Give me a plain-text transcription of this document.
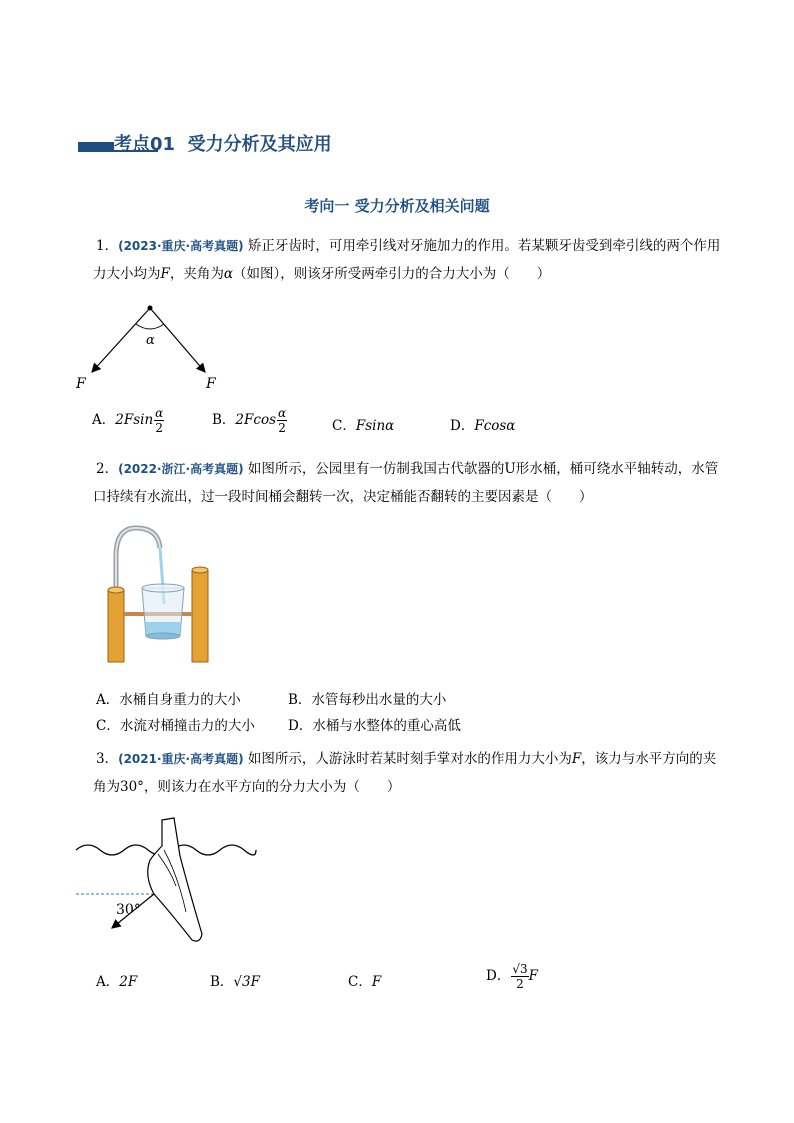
考点01 受力分析及其应用
考向一 受力分析及相关问题
1．(2023·重庆·高考真题) 矫正牙齿时，可用牵引线对牙施加力的作用。若某颗牙齿受到牵引线的两个作用
力大小均为F，夹角为α（如图），则该牙所受两牵引力的合力大小为（　　）
α
F	F
A．$2Fsin \frac{\alpha}{2}$	B．$2Fcos \frac{\alpha}{2}$	C．Fsinα	D．Fcosα
2．(2022·浙江·高考真题) 如图所示，公园里有一仿制我国古代欹器的U形水桶，桶可绕水平轴转动，水管
口持续有水流出，过一段时间桶会翻转一次，决定桶能否翻转的主要因素是（　　）
A．水桶自身重力的大小	B．水管每秒出水量的大小
C．水流对桶撞击力的大小 D．水桶与水整体的重心高低
3．(2021·重庆·高考真题) 如图所示，人游泳时若某时刻手掌对水的作用力大小为F，该力与水平方向的夹
角为30°，则该力在水平方向的分力大小为（　　）
30°
A．2F	B．√3F	C．F	D． $\frac{√3}{2}$ F
